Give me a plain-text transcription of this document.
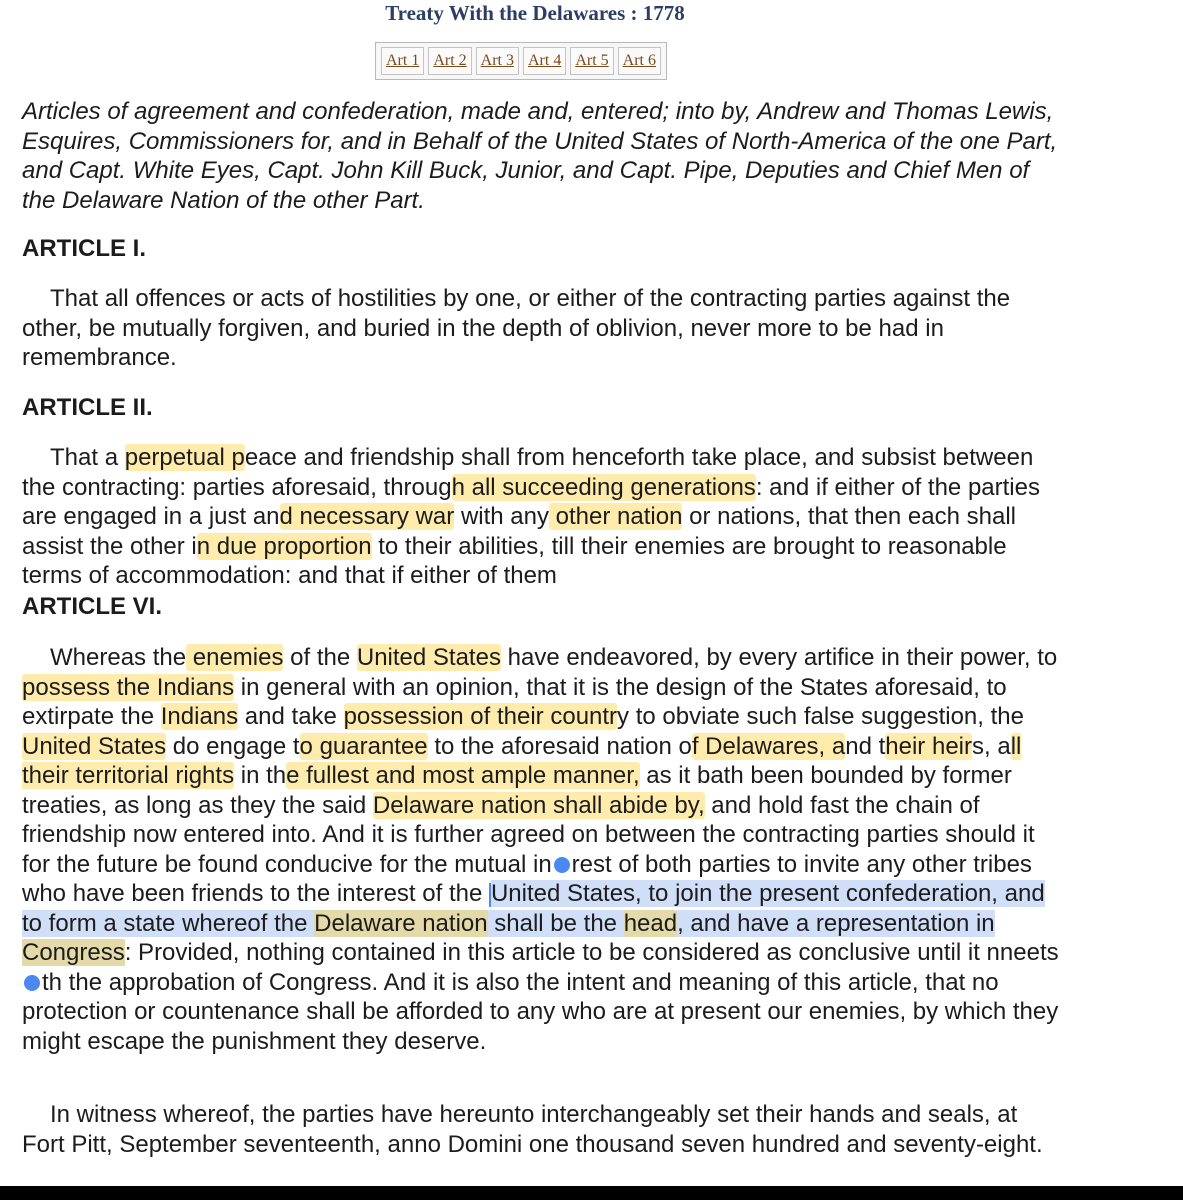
Treaty With the Delawares : 1778
Art 1 Art 2 Art 3 Art 4 Art 5 Art 6

Articles of agreement and confederation, made and, entered; into by, Andrew and Thomas Lewis, Esquires, Commissioners for, and in Behalf of the United States of North-America of the one Part, and Capt. White Eyes, Capt. John Kill Buck, Junior, and Capt. Pipe, Deputies and Chief Men of the Delaware Nation of the other Part.

ARTICLE I.

That all offences or acts of hostilities by one, or either of the contracting parties against the other, be mutually forgiven, and buried in the depth of oblivion, never more to be had in remembrance.

ARTICLE II.

That a perpetual peace and friendship shall from henceforth take place, and subsist between the contracting: parties aforesaid, through all succeeding generations: and if either of the parties are engaged in a just and necessary war with any other nation or nations, that then each shall assist the other in due proportion to their abilities, till their enemies are brought to reasonable terms of accommodation: and that if either of them

ARTICLE VI.

Whereas the enemies of the United States have endeavored, by every artifice in their power, to possess the Indians in general with an opinion, that it is the design of the States aforesaid, to extirpate the Indians and take possession of their country to obviate such false suggestion, the United States do engage to guarantee to the aforesaid nation of Delawares, and their heirs, all their territorial rights in the fullest and most ample manner, as it bath been bounded by former treaties, as long as they the said Delaware nation shall abide by, and hold fast the chain of friendship now entered into. And it is further agreed on between the contracting parties should it for the future be found conducive for the mutual in rest of both parties to invite any other tribes who have been friends to the interest of the United States, to join the present confederation, and to form a state whereof the Delaware nation shall be the head, and have a representation in Congress: Provided, nothing contained in this article to be considered as conclusive until it nneetsth the approbation of Congress. And it is also the intent and meaning of this article, that no protection or countenance shall be afforded to any who are at present our enemies, by which they might escape the punishment they deserve.

In witness whereof, the parties have hereunto interchangeably set their hands and seals, at Fort Pitt, September seventeenth, anno Domini one thousand seven hundred and seventy-eight.
